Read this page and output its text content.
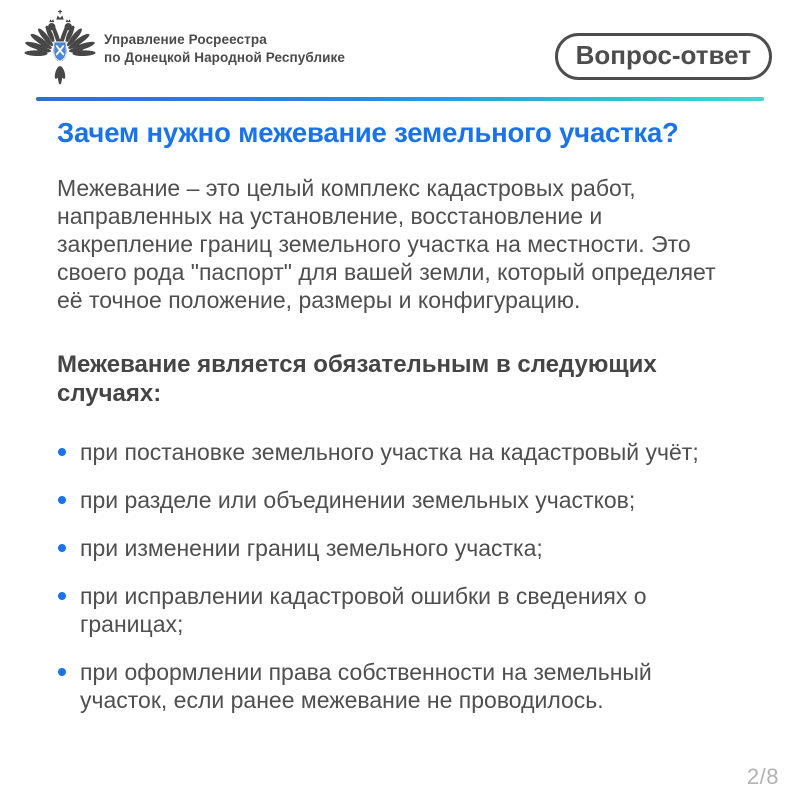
Управление Росреестра
по Донецкой Народной Республике	Вопрос-ответ
Зачем нужно межевание земельного участка?

Межевание – это целый комплекс кадастровых работ, направленных на установление, восстановление и закрепление границ земельного участка на местности. Это своего рода "паспорт" для вашей земли, который определяет её точное положение, размеры и конфигурацию.

Межевание является обязательным в следующих случаях:

при постановке земельного участка на кадастровый учёт;
при разделе или объединении земельных участков;
при изменении границ земельного участка;
при исправлении кадастровой ошибки в сведениях о границах;
при оформлении права собственности на земельный участок, если ранее межевание не проводилось.
2/8
